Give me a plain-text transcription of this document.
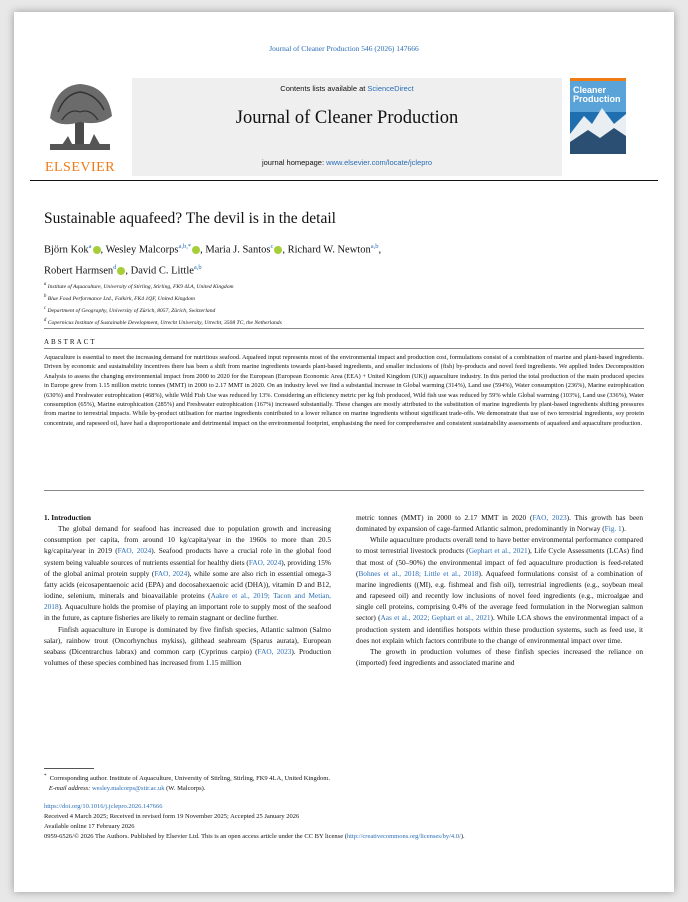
Journal of Cleaner Production 546 (2026) 147666
ELSEVIER
Contents lists available at ScienceDirect
Journal of Cleaner Production
journal homepage: www.elsevier.com/locate/jclepro
Cleaner Production
Sustainable aquafeed? The devil is in the detail
Björn Kok$^a$ , Wesley Malcorps$^{a,b,*}$ , Maria J. Santos$^c$ , Richard W. Newton$^{a,b}$,
Robert Harmsen$^d$ , David C. Little$^{a,b}$
$^a$ Institute of Aquaculture, University of Stirling, Stirling, FK9 4LA, United Kingdom
$^b$ Blue Food Performance Ltd., Falkirk, FK4 1QF, United Kingdom
$^c$ Department of Geography, University of Zürich, 8057, Zürich, Switzerland
$^d$ Copernicus Institute of Sustainable Development, Utrecht University, Utrecht, 3508 TC, the Netherlands
ABSTRACT
Aquaculture is essential to meet the increasing demand for nutritious seafood. Aquafeed input represents most of the environmental impact and production cost, formulations consist of a combination of marine and plant-based ingredients. Driven by economic and sustainability incentives there has been a shift from marine ingredients towards plant-based ingredients, and smaller inclusions of (fish) by-products and novel feed ingredients. We applied Index Decomposition Analysis to assess the changing environmental impact from 2000 to 2020 for the European (European Economic Area (EEA) + United Kingdom (UK)) aquaculture industry. In this period the total production of the main produced species in Europe grew from 1.15 million metric tonnes (MMT) in 2000 to 2.17 MMT in 2020. On an industry level we find a substantial increase in Global warming (314%), Land use (594%), Water consumption (236%), Marine eutrophication (630%) and Freshwater eutrophication (468%), while Wild Fish Use was reduced by 13%. Considering an efficiency metric per kg fish produced, Wild fish use was reduced by 59% while Global warming (103%), Land use (336%), Water consumption (65%), Marine eutrophication (285%) and Freshwater eutrophication (167%) increased substantially. These changes are mostly attributed to the substitution of marine ingredients by plant-based ingredients shifting pressures from marine to terrestrial impacts. While by-product utilisation for marine ingredients contributed to a lower reliance on marine ingredients without significant trade-offs. We demonstrate that use of two terrestrial ingredients, soy protein concentrate, and rapeseed oil, have had a disproportionate and detrimental impact on the environmental footprint, emphasising the need for comprehensive and consistent sustainability assessments of aquafeed and aquaculture production.

1. Introduction

The global demand for seafood has increased due to population growth and increasing consumption per capita, from around 10 kg/capita/year in the 1960s to more than 20.5 kg/capita/year in 2019 (FAO, 2024). Seafood products have a crucial role in the global food system being valuable sources of nutrients essential for healthy diets (FAO, 2024), providing 15% of the global animal protein supply (FAO, 2024), while some are also rich in essential omega-3 fatty acids (eicosapentaenoic acid (EPA) and docosahexaenoic acid (DHA)), vitamin D and B12, iodine, selenium, minerals and bioavailable proteins (Aakre et al., 2019; Tacon and Metian, 2018). Aquaculture holds the promise of playing an important role to supply most of the seafood in the future, as capture fisheries are likely to remain stagnant or decline further.

Finfish aquaculture in Europe is dominated by five finfish species, Atlantic salmon (Salmo salar), rainbow trout (Oncorhynchus mykiss), gilthead seabream (Sparus aurata), European seabass (Dicentrarchus labrax) and common carp (Cyprinus carpio) (FAO, 2023). Production volumes of these species combined has increased from 1.15 million

metric tonnes (MMT) in 2000 to 2.17 MMT in 2020 (FAO, 2023). This growth has been dominated by expansion of cage-farmed Atlantic salmon, predominantly in Norway (Fig. 1).

While aquaculture products overall tend to have better environmental performance compared to most terrestrial livestock products (Gephart et al., 2021), Life Cycle Assessments (LCAs) find that most of (50–90%) the environmental impact of fed aquaculture production is feed-related (Bohnes et al., 2018; Little et al., 2018). Aquafeed formulations consist of a combination of marine ingredients ((MI), e.g. fishmeal and fish oil), terrestrial ingredients (e.g., soybean meal and rapeseed oil) and recently low inclusions of novel feed ingredients (e.g., microalgae and single cell proteins, comprising 0.4% of the average feed formulation in the Norwegian salmon sector) (Aas et al., 2022; Gephart et al., 2021). While LCA shows the environmental impact of a production system and identifies hotspots within these production systems, such as feed use, it does not explain which factors contribute to the change of environmental impact over time.

The growth in production volumes of these finfish species increased the reliance on (imported) feed ingredients and associated marine and

* Corresponding author. Institute of Aquaculture, University of Stirling, Stirling, FK9 4LA, United Kingdom.
E-mail address: wesley.malcorps@stir.ac.uk (W. Malcorps).
https://doi.org/10.1016/j.jclepro.2026.147666
Received 4 March 2025; Received in revised form 19 November 2025; Accepted 25 January 2026
Available online 17 February 2026
0959-6526/© 2026 The Authors. Published by Elsevier Ltd. This is an open access article under the CC BY license (http://creativecommons.org/licenses/by/4.0/).
